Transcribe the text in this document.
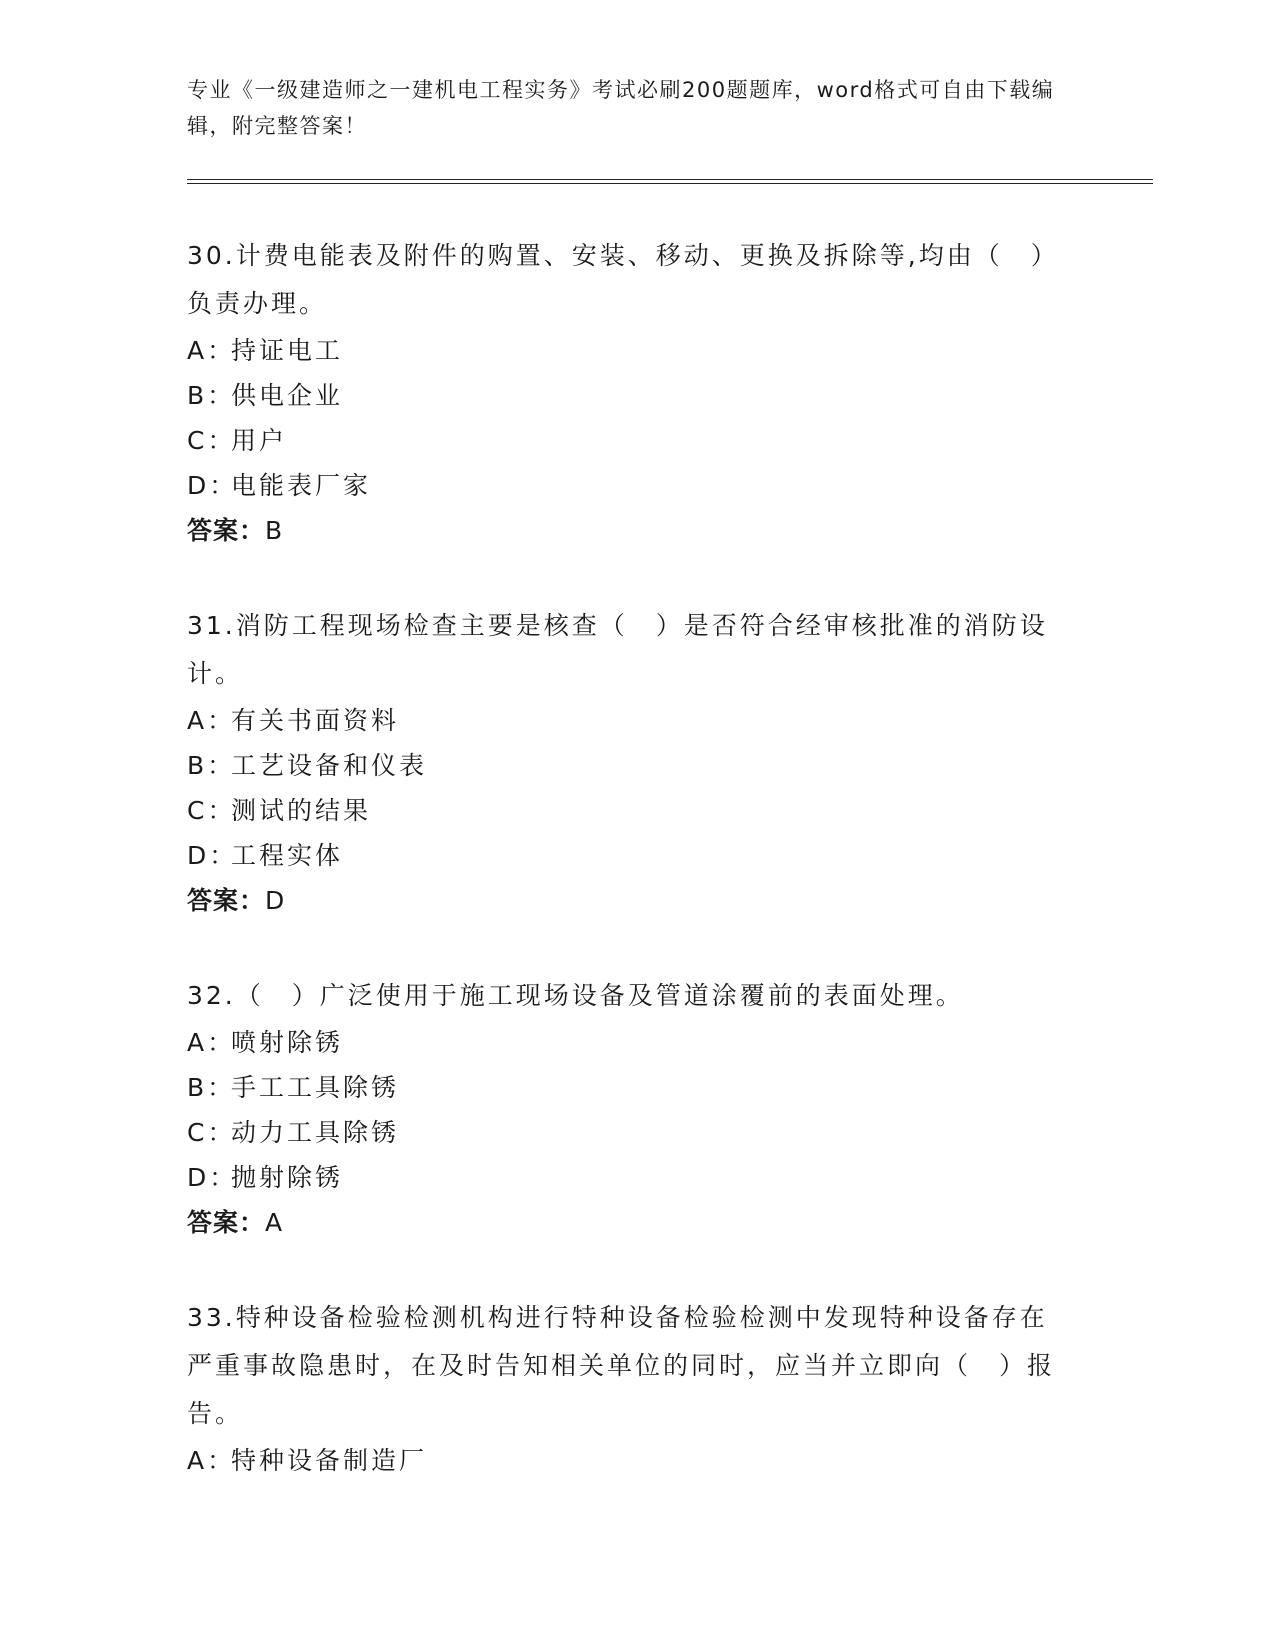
专业《一级建造师之一建机电工程实务》考试必刷200题题库，word格式可自由下载编辑，附完整答案！
30.计费电能表及附件的购置、安装、移动、更换及拆除等,均由（　）负责办理。
A：持证电工
B：供电企业
C：用户
D：电能表厂家
答案：B
31.消防工程现场检查主要是核查（　）是否符合经审核批准的消防设计。
A：有关书面资料
B：工艺设备和仪表
C：测试的结果
D：工程实体
答案：D
32.（　）广泛使用于施工现场设备及管道涂覆前的表面处理。
A：喷射除锈
B：手工工具除锈
C：动力工具除锈
D：抛射除锈
答案：A
33.特种设备检验检测机构进行特种设备检验检测中发现特种设备存在严重事故隐患时，在及时告知相关单位的同时，应当并立即向（　）报告。
A：特种设备制造厂
